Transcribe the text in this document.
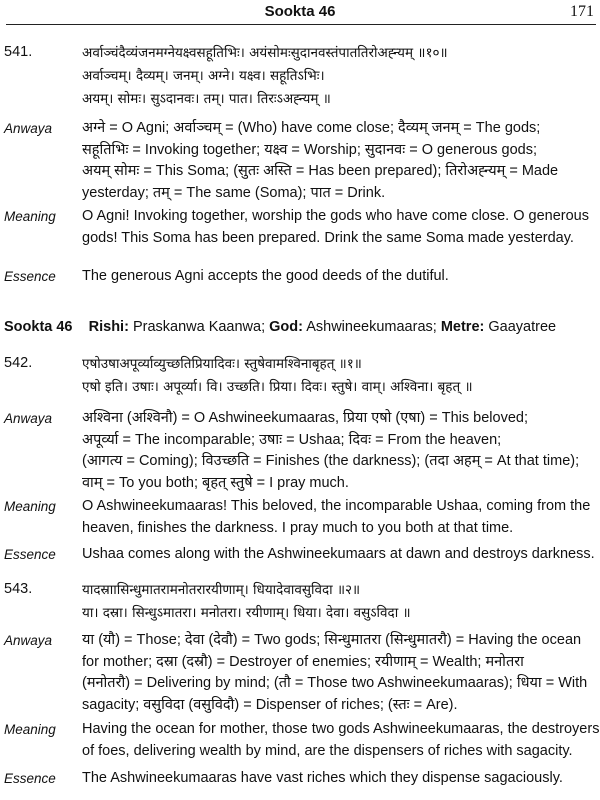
Sookta 46	171
541.	अर्वाञ्चंदैव्यंजनमग्नेयक्ष्वसहूतिभिः। अयंसोमःसुदानवस्तंपाततिरोअह्न्यम् ॥१०॥
अर्वाञ्चम्। दैव्यम्। जनम्। अग्ने। यक्ष्व। सहूतिऽभिः।
अयम्। सोमः। सुऽदानवः। तम्। पात। तिरःऽअह्न्यम् ॥
Anwaya अग्ने = O Agni; अर्वाञ्चम् = (Who) have come close; दैव्यम् जनम् = The gods;

सहूतिभिः = Invoking together; यक्ष्व = Worship; सुदानवः = O generous gods;

अयम् सोमः = This Soma; (सुतः अस्ति = Has been prepared); तिरोअह्न्यम् = Made

yesterday; तम् = The same (Soma); पात = Drink.

Meaning O Agni! Invoking together, worship the gods who have come close. O generous

gods! This Soma has been prepared. Drink the same Soma made yesterday.

Essence The generous Agni accepts the good deeds of the dutiful.

Sookta 46 Rishi: Praskanwa Kaanwa; God: Ashwineekumaaras; Metre: Gaayatree
542.	एषोउषाअपूर्व्याव्युच्छतिप्रियादिवः। स्तुषेवामश्विनाबृहत् ॥१॥
एषो इति। उषाः। अपूर्व्या। वि। उच्छति। प्रिया। दिवः। स्तुषे। वाम्। अश्विना। बृहत् ॥
Anwaya अश्विना (अश्विनौ) = O Ashwineekumaaras, प्रिया एषो (एषा) = This beloved;

अपूर्व्या = The incomparable; उषाः = Ushaa; दिवः = From the heaven;

(आगत्य = Coming); विउच्छति = Finishes (the darkness); (तदा अहम् = At that time);

वाम् = To you both; बृहत् स्तुषे = I pray much.

Meaning O Ashwineekumaaras! This beloved, the incomparable Ushaa, coming from the

heaven, finishes the darkness. I pray much to you both at that time.

Essence Ushaa comes along with the Ashwineekumaars at dawn and destroys darkness.

543.	यादस्राासिन्धुमातरामनोतरारयीणाम्। धियादेवावसुविदा ॥२॥
या। दस्रा। सिन्धुऽमातरा। मनोतरा। रयीणाम्। धिया। देवा। वसुऽविदा ॥
Anwaya या (यौ) = Those; देवा (देवौ) = Two gods; सिन्धुमातरा (सिन्धुमातरौ) = Having the ocean

for mother; दस्रा (दस्रौ) = Destroyer of enemies; रयीणाम् = Wealth; मनोतरा

(मनोतरौ) = Delivering by mind; (तौ = Those two Ashwineekumaaras); धिया = With

sagacity; वसुविदा (वसुविदौ) = Dispenser of riches; (स्तः = Are).

Meaning Having the ocean for mother, those two gods Ashwineekumaaras, the destroyers

of foes, delivering wealth by mind, are the dispensers of riches with sagacity.

Essence The Ashwineekumaaras have vast riches which they dispense sagaciously.
